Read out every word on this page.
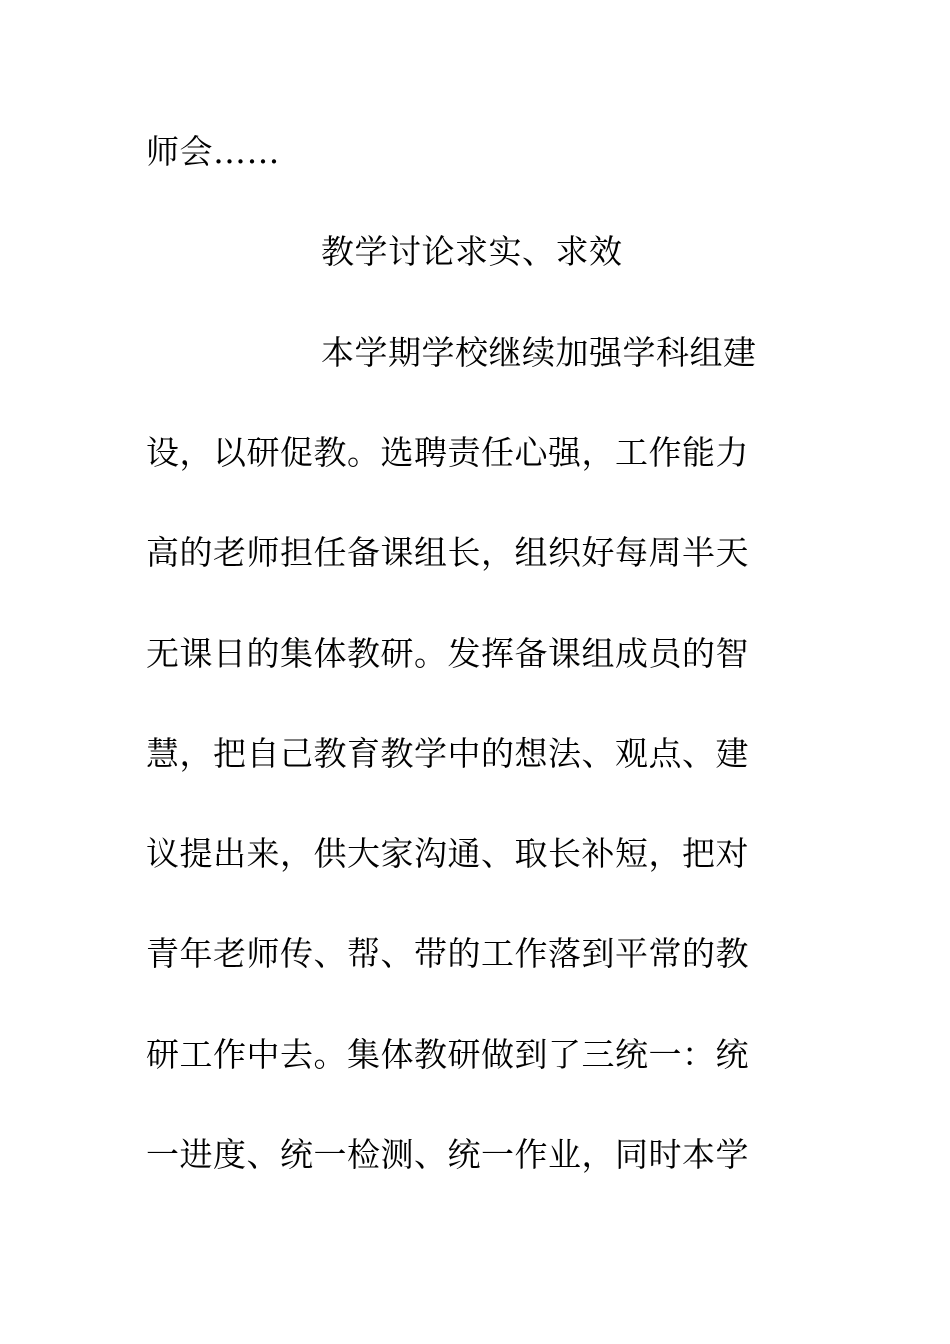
师会……
教学讨论求实、求效
本学期学校继续加强学科组建
设，以研促教。选聘责任心强，工作能力
高的老师担任备课组长，组织好每周半天
无课日的集体教研。发挥备课组成员的智
慧，把自己教育教学中的想法、观点、建
议提出来，供大家沟通、取长补短，把对
青年老师传、帮、带的工作落到平常的教
研工作中去。集体教研做到了三统一：统
一进度、统一检测、统一作业，同时本学
